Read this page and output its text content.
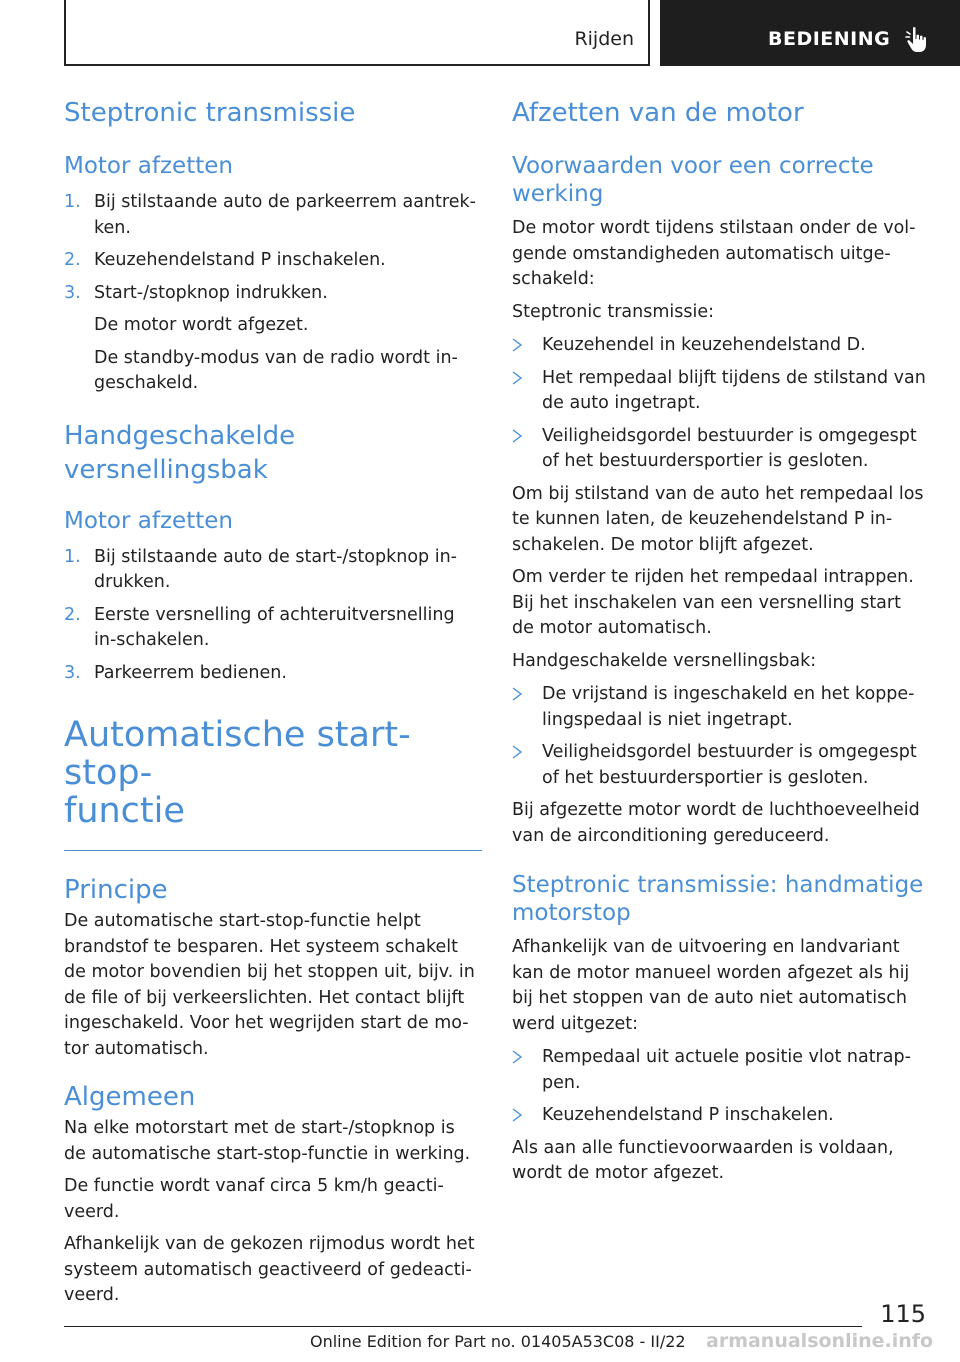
Rijden	BEDIENING
Steptronic transmissie
Motor afzetten
1. Bij stilstaande auto de parkeerrem aantrek-ken.
2. Keuzehendelstand P inschakelen.
3. Start-/stopknop indrukken.
De motor wordt afgezet.
De standby-modus van de radio wordt in-geschakeld.
Handgeschakelde versnellingsbak
Motor afzetten
1. Bij stilstaande auto de start-/stopknop in-drukken.
2. Eerste versnelling of achteruitversnelling in-schakelen.
3. Parkeerrem bedienen.
Automatische start-stop-
functie
Principe

De automatische start-stop-functie helpt brandstof te besparen. Het systeem schakelt de motor bovendien bij het stoppen uit, bijv. in de file of bij verkeerslichten. Het contact blijft ingeschakeld. Voor het wegrijden start de mo-tor automatisch.

Algemeen

Na elke motorstart met de start-/stopknop is de automatische start-stop-functie in werking.

De functie wordt vanaf circa 5 km/h geacti-veerd.

Afhankelijk van de gekozen rijmodus wordt het systeem automatisch geactiveerd of gedeacti-veerd.

Afzetten van de motor
Voorwaarden voor een correcte werking

De motor wordt tijdens stilstaan onder de vol-gende omstandigheden automatisch uitge-schakeld:

Steptronic transmissie:

Keuzehendel in keuzehendelstand D.
Het rempedaal blijft tijdens de stilstand van de auto ingetrapt.
Veiligheidsgordel bestuurder is omgegespt of het bestuurdersportier is gesloten.

Om bij stilstand van de auto het rempedaal los te kunnen laten, de keuzehendelstand P in-schakelen. De motor blijft afgezet.

Om verder te rijden het rempedaal intrappen. Bij het inschakelen van een versnelling start de motor automatisch.

Handgeschakelde versnellingsbak:

De vrijstand is ingeschakeld en het koppe-lingspedaal is niet ingetrapt.
Veiligheidsgordel bestuurder is omgegespt of het bestuurdersportier is gesloten.

Bij afgezette motor wordt de luchthoeveelheid van de airconditioning gereduceerd.

Steptronic transmissie: handmatige motorstop

Afhankelijk van de uitvoering en landvariant kan de motor manueel worden afgezet als hij bij het stoppen van de auto niet automatisch werd uitgezet:

Rempedaal uit actuele positie vlot natrap-pen.
Keuzehendelstand P inschakelen.

Als aan alle functievoorwaarden is voldaan, wordt de motor afgezet.

115
Online Edition for Part no. 01405A53C08 - II/22 armanualsonline.info
